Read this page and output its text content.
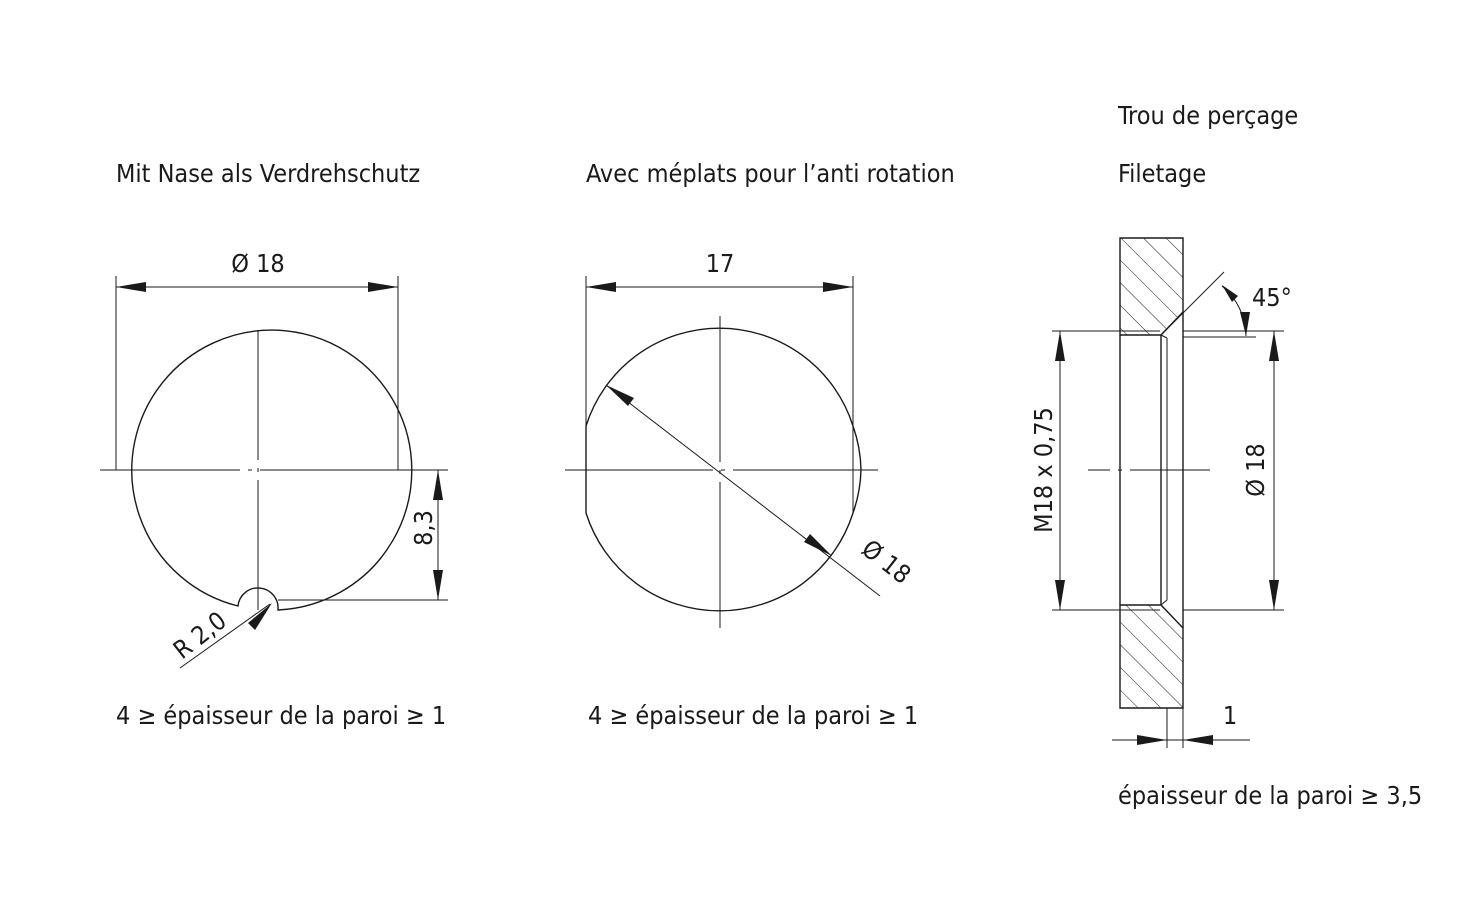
Mit Nase als Verdrehschutz
Ø 18
8,3
R 2,0
4 ≥ épaisseur de la paroi ≥ 1
Avec méplats pour l’anti rotation
17
Ø 18
4 ≥ épaisseur de la paroi ≥ 1
Trou de perçage
Filetage
M18 x 0,75	Ø 18
45°
1
épaisseur de la paroi ≥ 3,5
